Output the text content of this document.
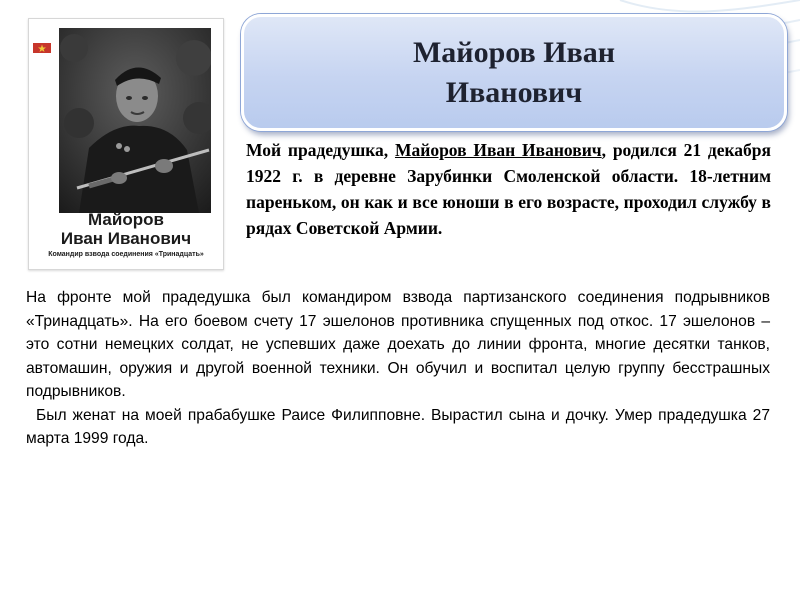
Майоров
Иван Иванович
Командир взвода соединения «Тринадцать»
Майоров Иван
Иванович
Мой прадедушка, Майоров Иван Иванович, родился 21 декабря 1922 г. в деревне Зарубинки Смоленской области. 18-летним пареньком, он как и все юноши в его возрасте, проходил службу в рядах Советской Армии.

На фронте мой прадедушка был командиром взвода партизанского соединения подрывников «Тринадцать». На его боевом счету 17 эшелонов противника спущенных под откос. 17 эшелонов – это сотни немецких солдат, не успевших даже доехать до линии фронта, многие десятки танков, автомашин, оружия и другой военной техники. Он обучил и воспитал целую группу бесстрашных подрывников.

Был женат на моей прабабушке Раисе Филипповне. Вырастил сына и дочку. Умер прадедушка 27 марта 1999 года.
